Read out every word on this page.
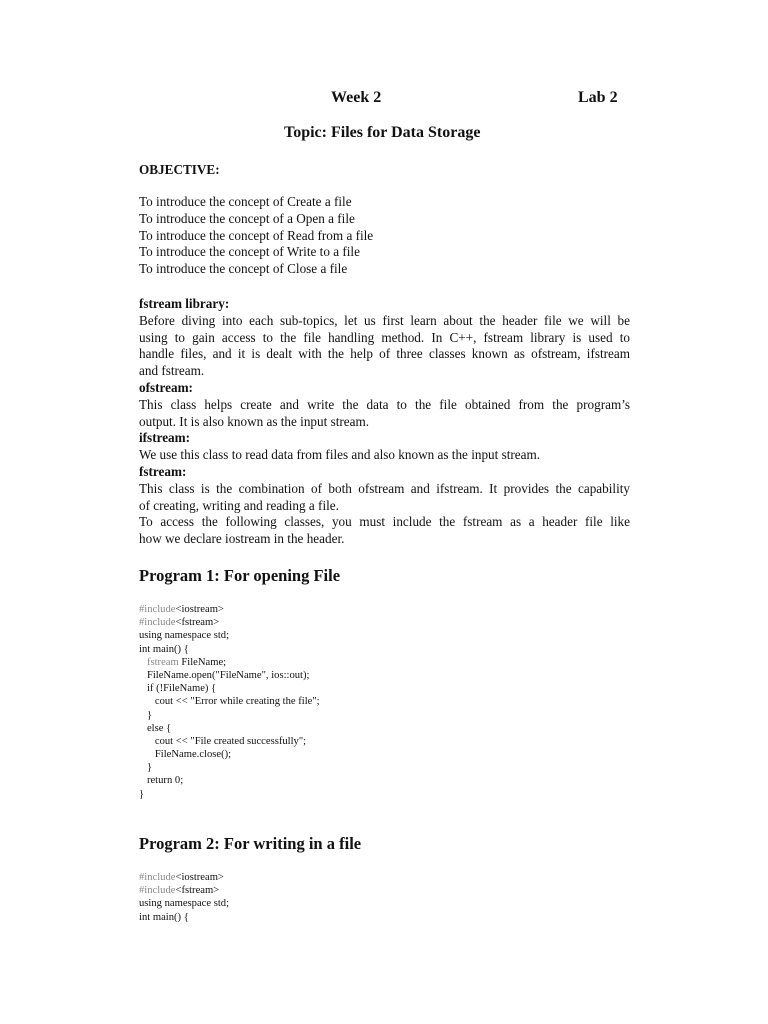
Week 2	Lab 2
Topic: Files for Data Storage
OBJECTIVE:
To introduce the concept of Create a file
To introduce the concept of a Open a file
To introduce the concept of Read from a file
To introduce the concept of Write to a file
To introduce the concept of Close a file

fstream library:

Before diving into each sub-topics, let us first learn about the header file we will be

using to gain access to the file handling method. In C++, fstream library is used to

handle files, and it is dealt with the help of three classes known as ofstream, ifstream

and fstream.

ofstream:

This class helps create and write the data to the file obtained from the program’s

output. It is also known as the input stream.

ifstream:

We use this class to read data from files and also known as the input stream.

fstream:

This class is the combination of both ofstream and ifstream. It provides the capability

of creating, writing and reading a file.

To access the following classes, you must include the fstream as a header file like

how we declare iostream in the header.

Program 1: For opening File
#include<iostream>
#include<fstream>
using namespace std;
int main() {
fstream FileName;
FileName.open("FileName", ios::out);
if (!FileName) {
cout << "Error while creating the file";
}
else {
cout << "File created successfully";
FileName.close();
}
return 0;
}
Program 2: For writing in a file
#include<iostream>
#include<fstream>
using namespace std;
int main() {
